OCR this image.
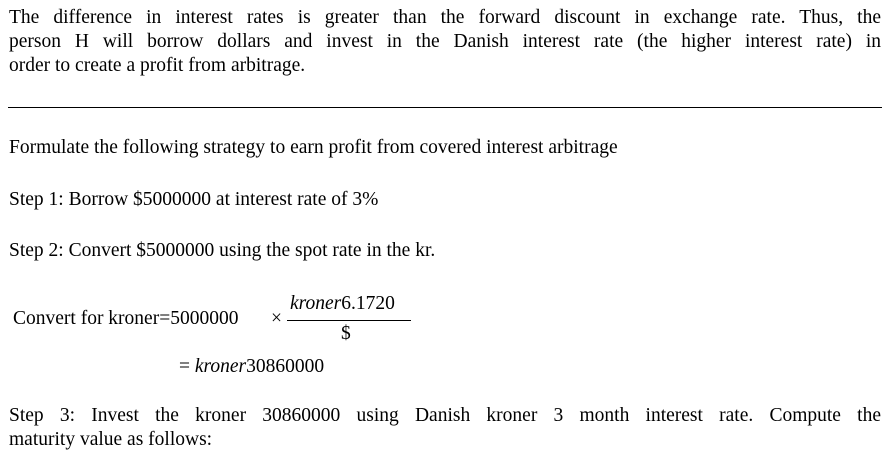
The difference in interest rates is greater than the forward discount in exchange rate. Thus, the
person H will borrow dollars and invest in the Danish interest rate (the higher interest rate) in
order to create a profit from arbitrage.

Formulate the following strategy to earn profit from covered interest arbitrage
Step 1: Borrow $5000000 at interest rate of 3%
Step 2: Convert $5000000 using the spot rate in the kr.
Convert for kroner=5000000 ×
kroner6.1720
$
= kroner30860000

Step 3: Invest the kroner 30860000 using Danish kroner 3 month interest rate. Compute the
maturity value as follows:
